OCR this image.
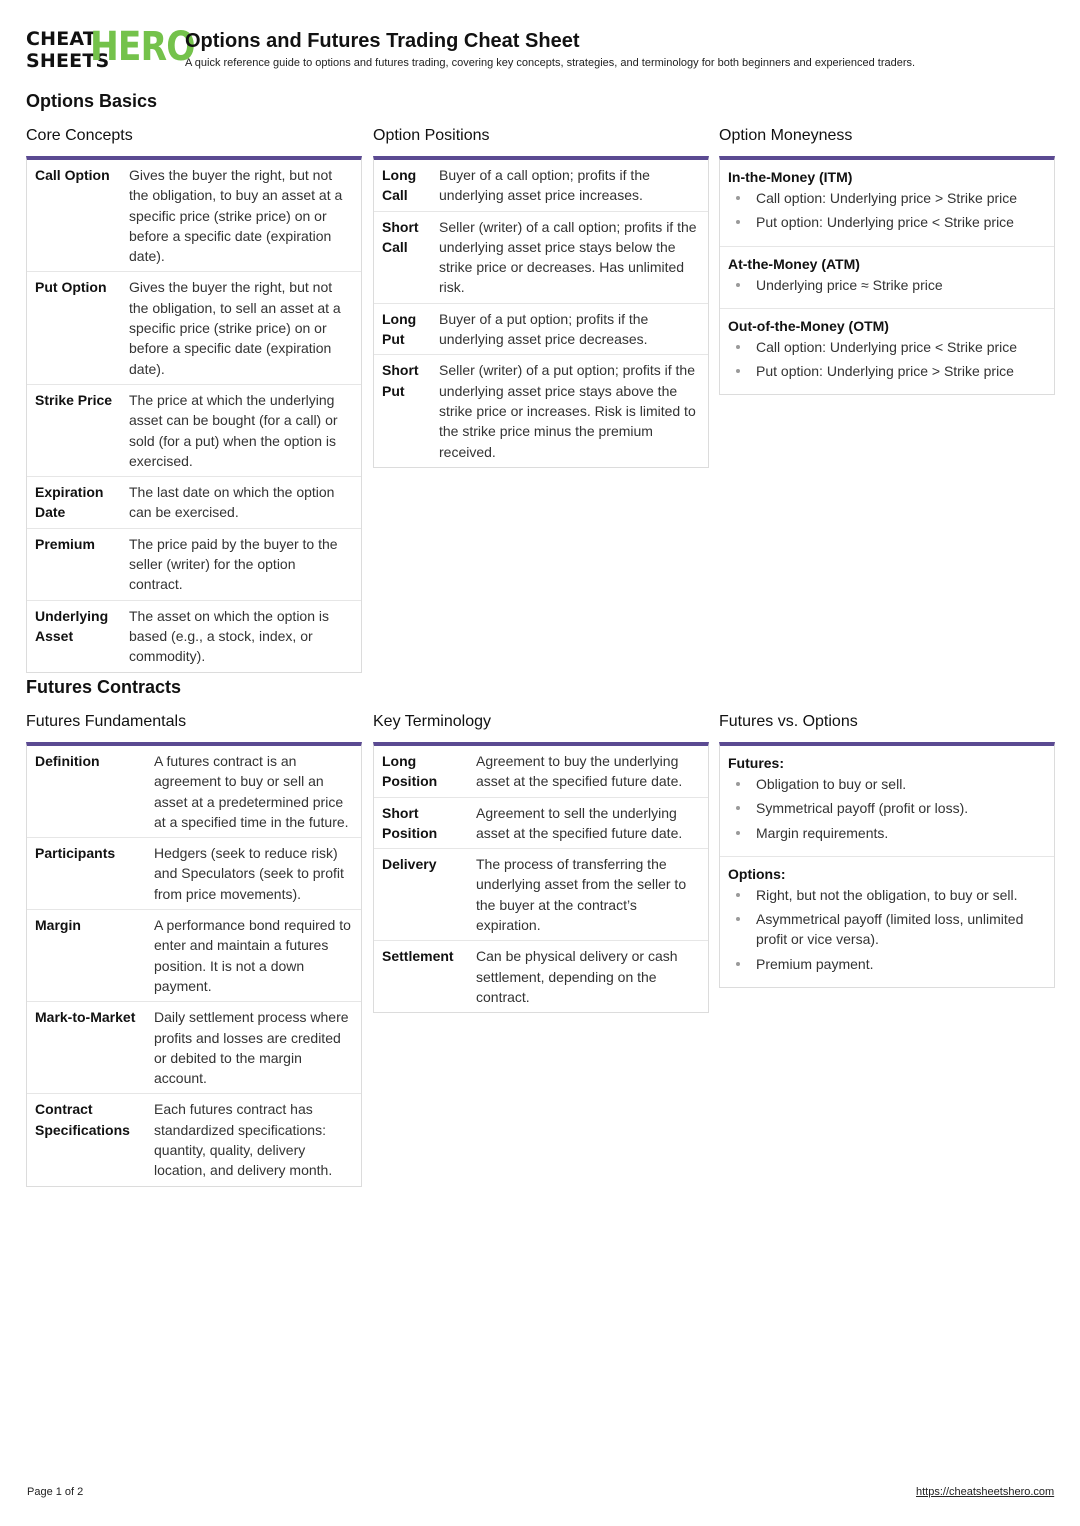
CHEAT
SHEETS
HERO
Options and Futures Trading Cheat Sheet
A quick reference guide to options and futures trading, covering key concepts, strategies, and terminology for both beginners and experienced traders.
Options Basics
Core Concepts
Call Option	Gives the buyer the right, but not the obligation, to buy an asset at a specific price (strike price) on or before a specific date (expiration date).
Put Option	Gives the buyer the right, but not the obligation, to sell an asset at a specific price (strike price) on or before a specific date (expiration date).
Strike Price	The price at which the underlying asset can be bought (for a call) or sold (for a put) when the option is exercised.
Expiration Date	The last date on which the option can be exercised.
Premium	The price paid by the buyer to the seller (writer) for the option contract.
Underlying Asset	The asset on which the option is based (e.g., a stock, index, or commodity).
Option Positions
Long Call	Buyer of a call option; profits if the underlying asset price increases.
Short Call	Seller (writer) of a call option; profits if the underlying asset price stays below the strike price or decreases. Has unlimited risk.
Long Put	Buyer of a put option; profits if the underlying asset price decreases.
Short Put	Seller (writer) of a put option; profits if the underlying asset price stays above the strike price or increases. Risk is limited to the strike price minus the premium received.
Option Moneyness
In-the-Money (ITM)
Call option: Underlying price > Strike price
Put option: Underlying price < Strike price
At-the-Money (ATM)
Underlying price ≈ Strike price
Out-of-the-Money (OTM)
Call option: Underlying price < Strike price
Put option: Underlying price > Strike price
Futures Contracts
Futures Fundamentals
Definition	A futures contract is an agreement to buy or sell an asset at a predetermined price at a specified time in the future.
Participants	Hedgers (seek to reduce risk) and Speculators (seek to profit from price movements).
Margin	A performance bond required to enter and maintain a futures position. It is not a down payment.
Mark-to-Market	Daily settlement process where profits and losses are credited or debited to the margin account.
Contract Specifications	Each futures contract has standardized specifications: quantity, quality, delivery location, and delivery month.
Key Terminology
Long Position	Agreement to buy the underlying asset at the specified future date.
Short Position	Agreement to sell the underlying asset at the specified future date.
Delivery	The process of transferring the underlying asset from the seller to the buyer at the contract’s expiration.
Settlement	Can be physical delivery or cash settlement, depending on the contract.
Futures vs. Options
Futures:
Obligation to buy or sell.
Symmetrical payoff (profit or loss).
Margin requirements.
Options:
Right, but not the obligation, to buy or sell.
Asymmetrical payoff (limited loss, unlimited profit or vice versa).
Premium payment.
Page 1 of 2	https://cheatsheetshero.com
